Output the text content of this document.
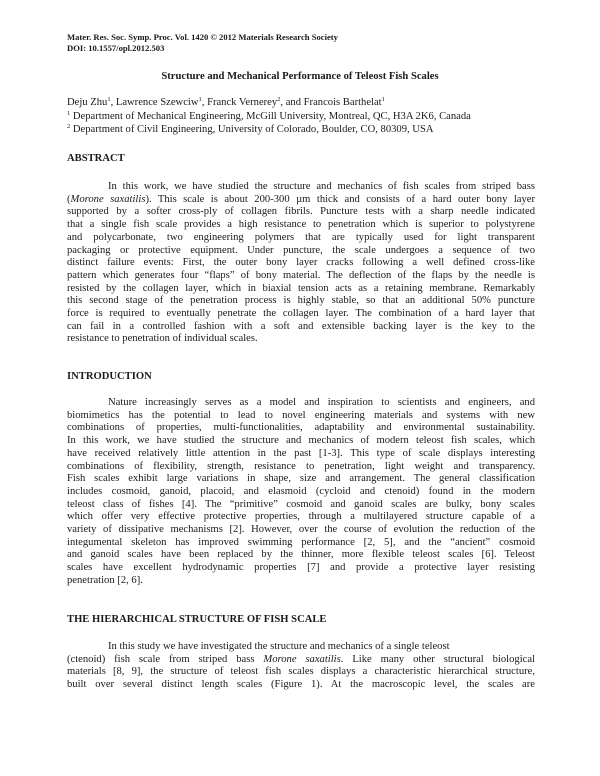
Mater. Res. Soc. Symp. Proc. Vol. 1420 © 2012 Materials Research Society
DOI: 10.1557/opl.2012.503
Structure and Mechanical Performance of Teleost Fish Scales
Deju Zhu$^1$, Lawrence Szewciw$^1$, Franck Vernerey$^2$, and Francois Barthelat$^1$
$^1$ Department of Mechanical Engineering, McGill University, Montreal, QC, H3A 2K6, Canada
$^2$ Department of Civil Engineering, University of Colorado, Boulder, CO, 80309, USA
ABSTRACT
In this work, we have studied the structure and mechanics of fish scales from striped bass
(Morone saxatilis). This scale is about 200-300 µm thick and consists of a hard outer bony layer
supported by a softer cross-ply of collagen fibrils. Puncture tests with a sharp needle indicated
that a single fish scale provides a high resistance to penetration which is superior to polystyrene
and polycarbonate, two engineering polymers that are typically used for light transparent
packaging or protective equipment. Under puncture, the scale undergoes a sequence of two
distinct failure events: First, the outer bony layer cracks following a well defined cross-like
pattern which generates four “flaps” of bony material. The deflection of the flaps by the needle is
resisted by the collagen layer, which in biaxial tension acts as a retaining membrane. Remarkably
this second stage of the penetration process is highly stable, so that an additional 50% puncture
force is required to eventually penetrate the collagen layer. The combination of a hard layer that
can fail in a controlled fashion with a soft and extensible backing layer is the key to the
resistance to penetration of individual scales.
INTRODUCTION
Nature increasingly serves as a model and inspiration to scientists and engineers, and
biomimetics has the potential to lead to novel engineering materials and systems with new
combinations of properties, multi-functionalities, adaptability and environmental sustainability.
In this work, we have studied the structure and mechanics of modern teleost fish scales, which
have received relatively little attention in the past [1-3]. This type of scale displays interesting
combinations of flexibility, strength, resistance to penetration, light weight and transparency.
Fish scales exhibit large variations in shape, size and arrangement. The general classification
includes cosmoid, ganoid, placoid, and elasmoid (cycloid and ctenoid) found in the modern
teleost class of fishes [4]. The “primitive” cosmoid and ganoid scales are bulky, bony scales
which offer very effective protective properties, through a multilayered structure capable of a
variety of dissipative mechanisms [2]. However, over the course of evolution the reduction of the
integumental skeleton has improved swimming performance [2, 5], and the “ancient” cosmoid
and ganoid scales have been replaced by the thinner, more flexible teleost scales [6]. Teleost
scales have excellent hydrodynamic properties [7] and provide a protective layer resisting
penetration [2, 6].
THE HIERARCHICAL STRUCTURE OF FISH SCALE
In this study we have investigated the structure and mechanics of a single teleost
(ctenoid) fish scale from striped bass Morone saxatilis. Like many other structural biological
materials [8, 9], the structure of teleost fish scales displays a characteristic hierarchical structure,
built over several distinct length scales (Figure 1). At the macroscopic level, the scales are
